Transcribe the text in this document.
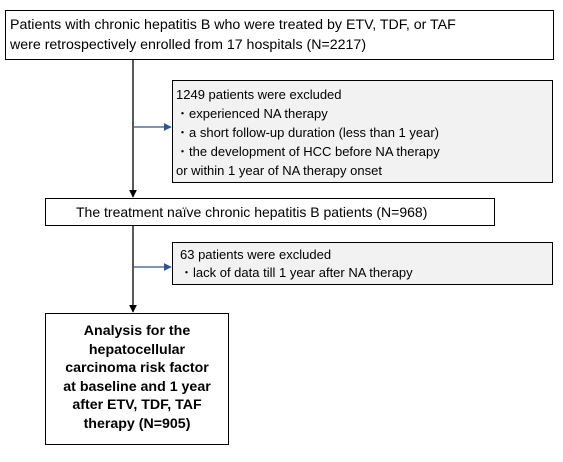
Patients with chronic hepatitis B who were treated by ETV, TDF, or TAF
were retrospectively enrolled from 17 hospitals (N=2217)
1249 patients were excluded
・experienced NA therapy
・a short follow-up duration (less than 1 year)
・the development of HCC before NA therapy
or within 1 year of NA therapy onset
The treatment naïve chronic hepatitis B patients (N=968)
63 patients were excluded
・lack of data till 1 year after NA therapy
Analysis for the
hepatocellular
carcinoma risk factor
at baseline and 1 year
after ETV, TDF, TAF
therapy (N=905)
